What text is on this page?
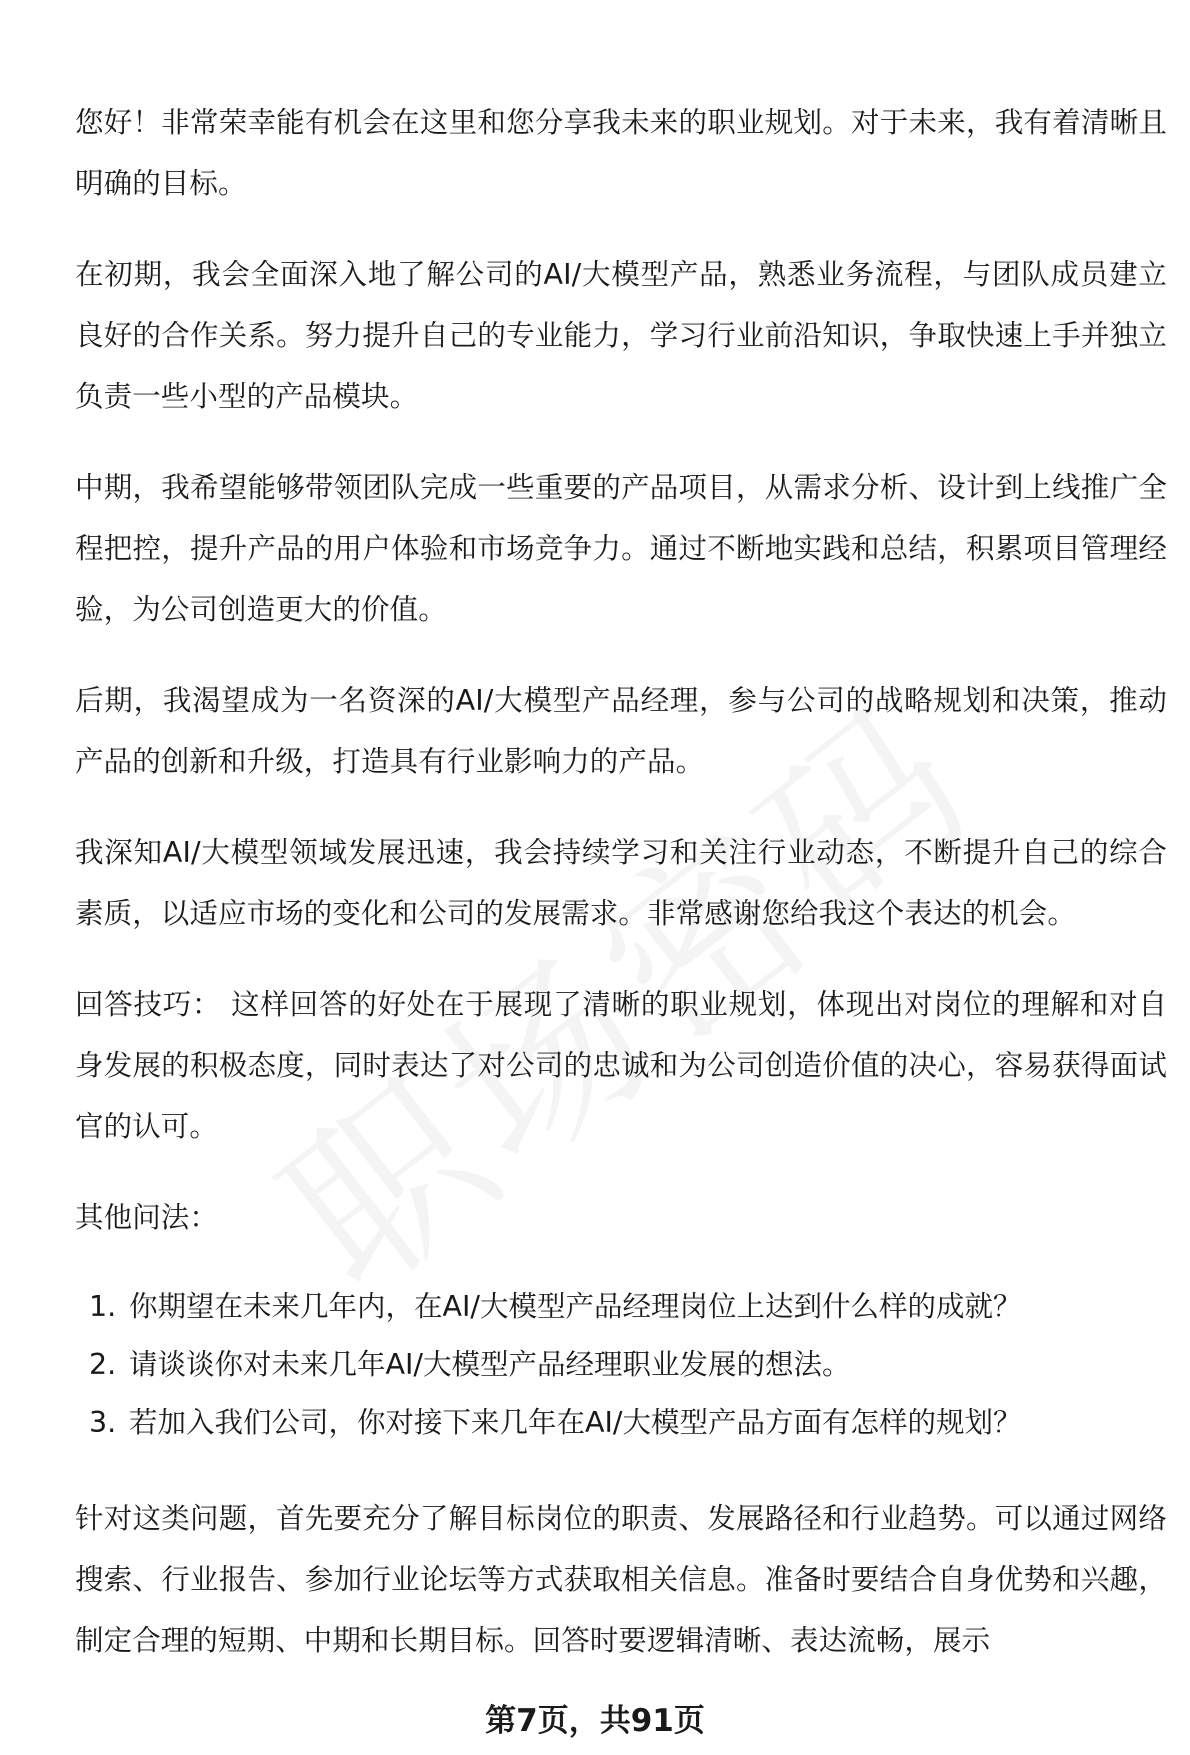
您好！非常荣幸能有机会在这里和您分享我未来的职业规划。对于未来，我有着清晰且明确的目标。

在初期，我会全面深入地了解公司的AI/大模型产品，熟悉业务流程，与团队成员建立良好的合作关系。努力提升自己的专业能力，学习行业前沿知识，争取快速上手并独立负责一些小型的产品模块。

中期，我希望能够带领团队完成一些重要的产品项目，从需求分析、设计到上线推广全程把控，提升产品的用户体验和市场竞争力。通过不断地实践和总结，积累项目管理经验，为公司创造更大的价值。

后期，我渴望成为一名资深的AI/大模型产品经理，参与公司的战略规划和决策，推动产品的创新和升级，打造具有行业影响力的产品。

我深知AI/大模型领域发展迅速，我会持续学习和关注行业动态，不断提升自己的综合素质，以适应市场的变化和公司的发展需求。非常感谢您给我这个表达的机会。

回答技巧： 这样回答的好处在于展现了清晰的职业规划，体现出对岗位的理解和对自身发展的积极态度，同时表达了对公司的忠诚和为公司创造价值的决心，容易获得面试官的认可。

其他问法：

1. 你期望在未来几年内，在AI/大模型产品经理岗位上达到什么样的成就？
2. 请谈谈你对未来几年AI/大模型产品经理职业发展的想法。
3. 若加入我们公司，你对接下来几年在AI/大模型产品方面有怎样的规划？

针对这类问题，首先要充分了解目标岗位的职责、发展路径和行业趋势。可以通过网络搜索、行业报告、参加行业论坛等方式获取相关信息。准备时要结合自身优势和兴趣，制定合理的短期、中期和长期目标。回答时要逻辑清晰、表达流畅，展示

第7页，共91页
